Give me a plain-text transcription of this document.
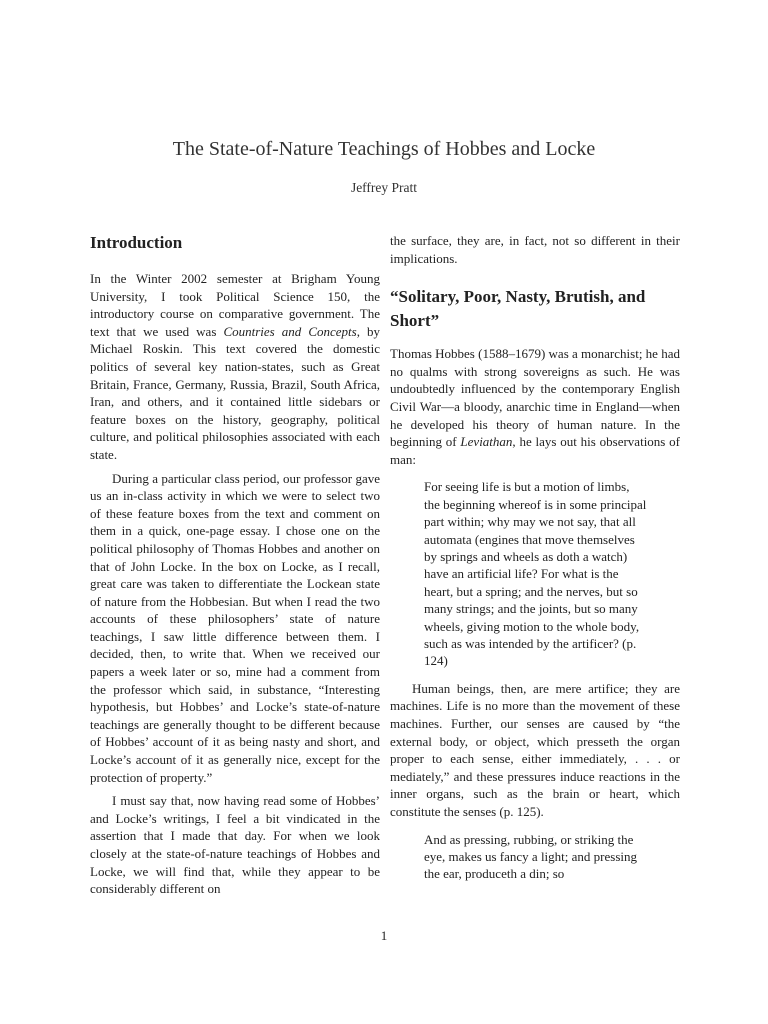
The State-of-Nature Teachings of Hobbes and Locke
Jeffrey Pratt
Introduction

In the Winter 2002 semester at Brigham Young University, I took Political Science 150, the introductory course on comparative government. The text that we used was Countries and Concepts, by Michael Roskin. This text covered the domestic politics of several key nation-states, such as Great Britain, France, Germany, Russia, Brazil, South Africa, Iran, and others, and it contained little sidebars or feature boxes on the history, geography, political culture, and political philosophies associated with each state.

During a particular class period, our professor gave us an in-class activity in which we were to select two of these feature boxes from the text and comment on them in a quick, one-page essay. I chose one on the political philosophy of Thomas Hobbes and another on that of John Locke. In the box on Locke, as I recall, great care was taken to differentiate the Lockean state of nature from the Hobbesian. But when I read the two accounts of these philosophers’ state of nature teachings, I saw little difference between them. I decided, then, to write that. When we received our papers a week later or so, mine had a comment from the professor which said, in substance, “Interesting hypothesis, but Hobbes’ and Locke’s state-of-nature teachings are generally thought to be different because of Hobbes’ account of it as being nasty and short, and Locke’s account of it as generally nice, except for the protection of property.”

I must say that, now having read some of Hobbes’ and Locke’s writings, I feel a bit vindicated in the assertion that I made that day. For when we look closely at the state-of-nature teachings of Hobbes and Locke, we will find that, while they appear to be considerably different on

the surface, they are, in fact, not so different in their implications.

“Solitary, Poor, Nasty, Brutish, and Short”

Thomas Hobbes (1588–1679) was a monarchist; he had no qualms with strong sovereigns as such. He was undoubtedly influenced by the contemporary English Civil War—a bloody, anarchic time in England—when he developed his theory of human nature. In the beginning of Leviathan, he lays out his observations of man:

For seeing life is but a motion of limbs, the beginning whereof is in some principal part within; why may we not say, that all automata (engines that move themselves by springs and wheels as doth a watch) have an artificial life? For what is the heart, but a spring; and the nerves, but so many strings; and the joints, but so many wheels, giving motion to the whole body, such as was intended by the artificer? (p. 124)

Human beings, then, are mere artifice; they are machines. Life is no more than the movement of these machines. Further, our senses are caused by “the external body, or object, which presseth the organ proper to each sense, either immediately, . . . or mediately,” and these pressures induce reactions in the inner organs, such as the brain or heart, which constitute the senses (p. 125).

And as pressing, rubbing, or striking the eye, makes us fancy a light; and pressing the ear, produceth a din; so
1
